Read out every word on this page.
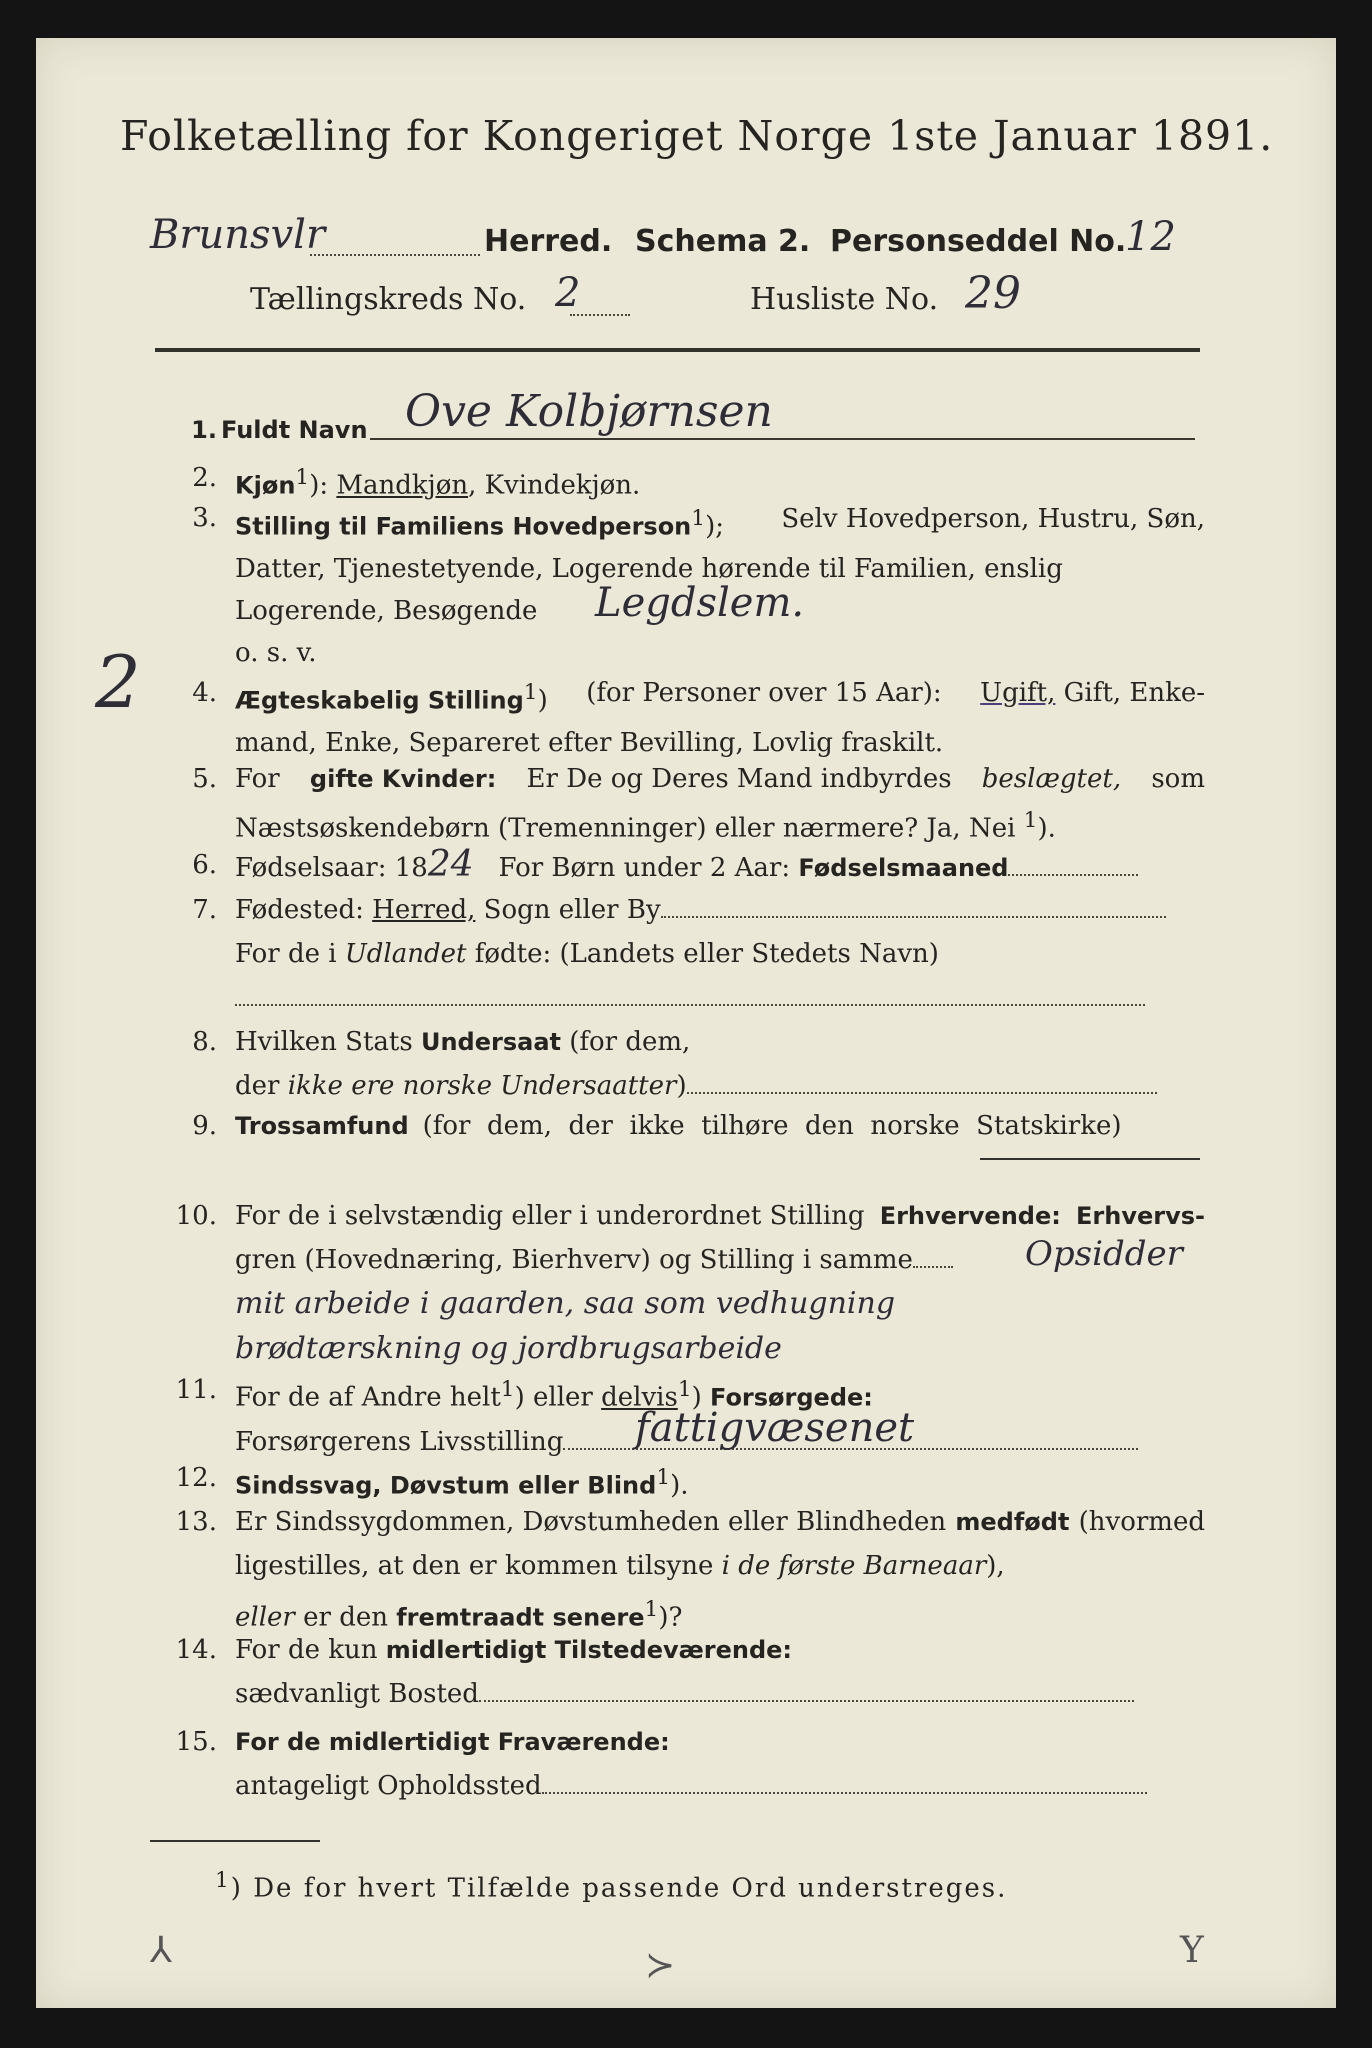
Folketælling for Kongeriget Norge 1ste Januar 1891.
Brunsvlr	Herred. Schema 2. Personseddel No.
12
Tællingskreds No. 2	Husliste No. 29
2
1. Fuldt Navn Ove Kolbjørnsen
2. Kjøn$^1$): Mandkjøn, Kvindekjøn.
3. Stilling til Familiens Hovedperson$^1$); Selv Hovedperson, Hustru, Søn,
Datter, Tjenestetyende, Logerende hørende til Familien, enslig
Logerende, Besøgende Legdslem.
o. s. v.
4. Ægteskabelig Stilling$^1$) (for Personer over 15 Aar): Ugift, Gift, Enke-
mand, Enke, Separeret efter Bevilling, Lovlig fraskilt.
5. For gifte Kvinder: Er De og Deres Mand indbyrdes beslægtet, som
Næstsøskendebørn (Tremenninger) eller nærmere? Ja, Nei $^1$).
6. Fødselsaar: 1824 For Børn under 2 Aar: Fødselsmaaned
7. Fødested: Herred, Sogn eller By
For de i Udlandet fødte: (Landets eller Stedets Navn)
8. Hvilken Stats Undersaat (for dem,
der ikke ere norske Undersaatter)
9. Trossamfund (for  dem,  der  ikke  tilhøre  den  norske  Statskirke)
10. For de i selvstændig eller i underordnet Stilling Erhvervende: Erhvervs-
gren (Hovednæring, Bierhverv) og Stilling i samme	Opsidder
mit arbeide i gaarden, saa som vedhugning
brødtærskning og jordbrugsarbeide
11. For de af Andre helt$^1$) eller delvis$^1$) Forsørgede:
Forsørgerens Livsstilling fattigvæsenet
12. Sindssvag, Døvstum eller Blind$^1$).
13. Er Sindssygdommen, Døvstumheden eller Blindheden medfødt (hvormed
ligestilles, at den er kommen tilsyne i de første Barneaar),
eller er den fremtraadt senere$^1$)?
14. For de kun midlertidigt Tilstedeværende:
sædvanligt Bosted
15. For de midlertidigt Fraværende:
antageligt Opholdssted
$^1$) De for hvert Tilfælde passende Ord understreges.
⅄	≻	Y
